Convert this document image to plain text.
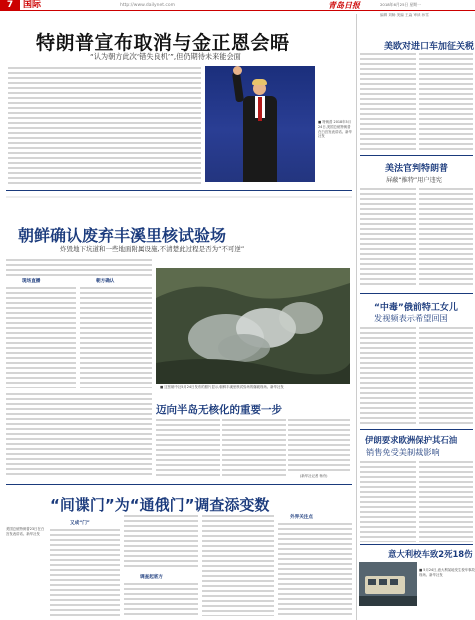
7	国际	http://www.dailynet.com	青岛日报	2018年6月25日 星期一
编辑 刘畅 美编 王淼 审读 孙雪
特朗普宣布取消与金正恩会晤
“认为朝方此次‘错失良机’”,但仍期待未来能会面
■ 特朗普 2018年5月24日,美国总统特朗普在白宫发表讲话。新华社发
朝鲜确认废弃丰溪里核试验场
炸毁地下坑道和一些地面附属设施,不清楚此过程是否为“不可逆”
现场直播	朝方确认
■ 这张朝中社5月24日发布的照片显示,朝鲜丰溪里核试验场的爆破现场。新华社发
迈向半岛无核化的重要一步
(新华社记者 杨舟)
“间谍门”为“通俄门”调查添变数
美国总统特朗普23日在白宫发表讲话。新华社发
又成“门”
调查起底方
外界关注点
美欧对进口车加征关税
美法官判特朗普
屏蔽“推特”用户违宪
“中毒”俄前特工女儿
发视频表示希望回国
伊朗要求欧洲保护其石油
销售免受美制裁影响
意大利校车致2死18伤
■ 5月24日,意大利某地发生校车事故现场。新华社发
